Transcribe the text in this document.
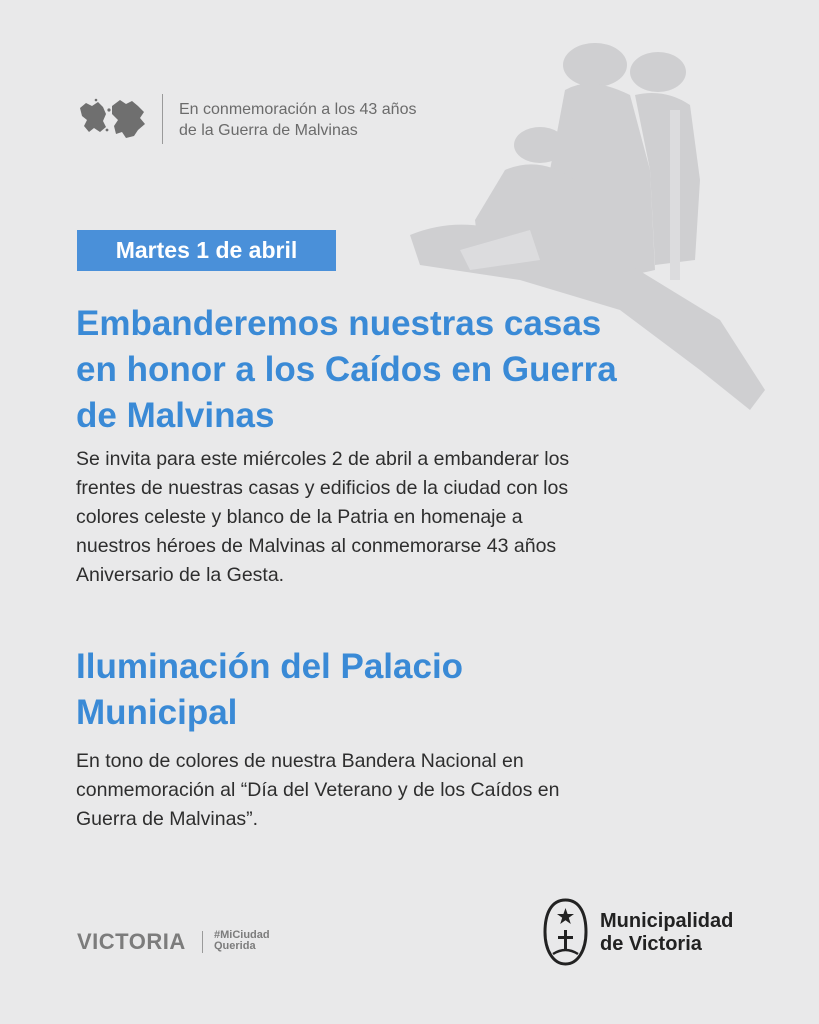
En conmemoración a los 43 años
de la Guerra de Malvinas

Martes 1 de abril
Embanderemos nuestras casas
en honor a los Caídos en Guerra
de Malvinas

Se invita para este miércoles 2 de abril a embanderar los
frentes de nuestras casas y edificios de la ciudad con los
colores celeste y blanco de la Patria en homenaje a
nuestros héroes de Malvinas al conmemorarse 43 años
Aniversario de la Gesta.

Iluminación del Palacio
Municipal

En tono de colores de nuestra Bandera Nacional en
conmemoración al “Día del Veterano y de los Caídos en
Guerra de Malvinas”.

VICTORIA	#MiCiudad
Querida

Municipalidad
de Victoria
